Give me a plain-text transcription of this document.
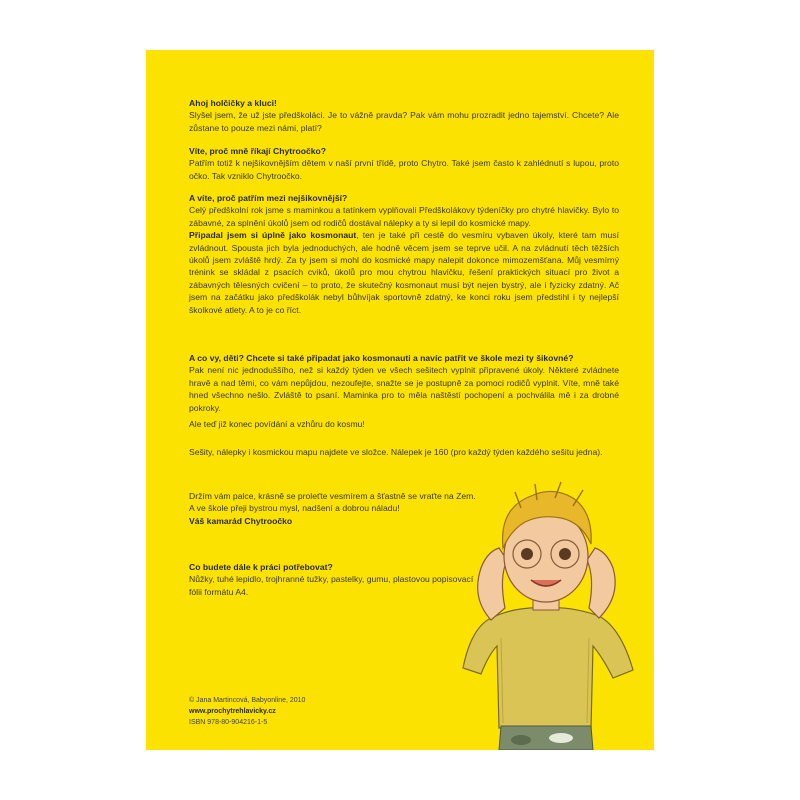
Ahoj holčičky a kluci!

Slyšel jsem, že už jste předškoláci. Je to vážně pravda? Pak vám mohu prozradit jedno tajemství. Chcete? Ale zůstane to pouze mezi námi, platí?

Víte, proč mně říkají Chytroočko?

Patřím totiž k nejšikovnějším dětem v naší první třídě, proto Chytro. Také jsem často k zahlédnutí s lupou, proto očko. Tak vzniklo Chytroočko.

A víte, proč patřím mezi nejšikovnější?

Celý předškolní rok jsme s maminkou a tatínkem vyplňovali Předškolákovy týdeníčky pro chytré hlavičky. Bylo to zábavné, za splnění úkolů jsem od rodičů dostával nálepky a ty si lepil do kosmické mapy.

Připadal jsem si úplně jako kosmonaut, ten je také při cestě do vesmíru vybaven úkoly, které tam musí zvládnout. Spousta jich byla jednoduchých, ale hodně věcem jsem se teprve učil. A na zvládnutí těch těžších úkolů jsem zvláště hrdý. Za ty jsem si mohl do kosmické mapy nalepit dokonce mimozemšťana. Můj vesmírný trénink se skládal z psacích cviků, úkolů pro mou chytrou hlavičku, řešení praktických situací pro život a zábavných tělesných cvičení – to proto, že skutečný kosmonaut musí být nejen bystrý, ale i fyzicky zdatný. Ač jsem na začátku jako předškolák nebyl bůhvíjak sportovně zdatný, ke konci roku jsem předstihl i ty nejlepší školkové atlety. A to je co říct.

A co vy, děti? Chcete si také připadat jako kosmonauti a navíc patřit ve škole mezi ty šikovné?

Pak není nic jednoduššího, než si každý týden ve všech sešitech vyplnit připravené úkoly. Některé zvládnete hravě a nad těmi, co vám nepůjdou, nezoufejte, snažte se je postupně za pomoci rodičů vyplnit. Víte, mně také hned všechno nešlo. Zvláště to psaní. Maminka pro to měla naštěstí pochopení a pochválila mě i za drobné pokroky.

Ale teď již konec povídání a vzhůru do kosmu!

Sešity, nálepky i kosmickou mapu najdete ve složce. Nálepek je 160 (pro každý týden každého sešitu jedna).

Držím vám palce, krásně se proleťte vesmírem a šťastně se vraťte na Zem.

A ve škole přeji bystrou mysl, nadšení a dobrou náladu!

Váš kamarád Chytroočko

Co budete dále k práci potřebovat?

Nůžky, tuhé lepidlo, trojhranné tužky, pastelky, gumu, plastovou popisovací fólii formátu A4.

© Jana Martincová, Babyonline, 2010
www.prochytrehlavicky.cz
ISBN 978-80-904216-1-5
